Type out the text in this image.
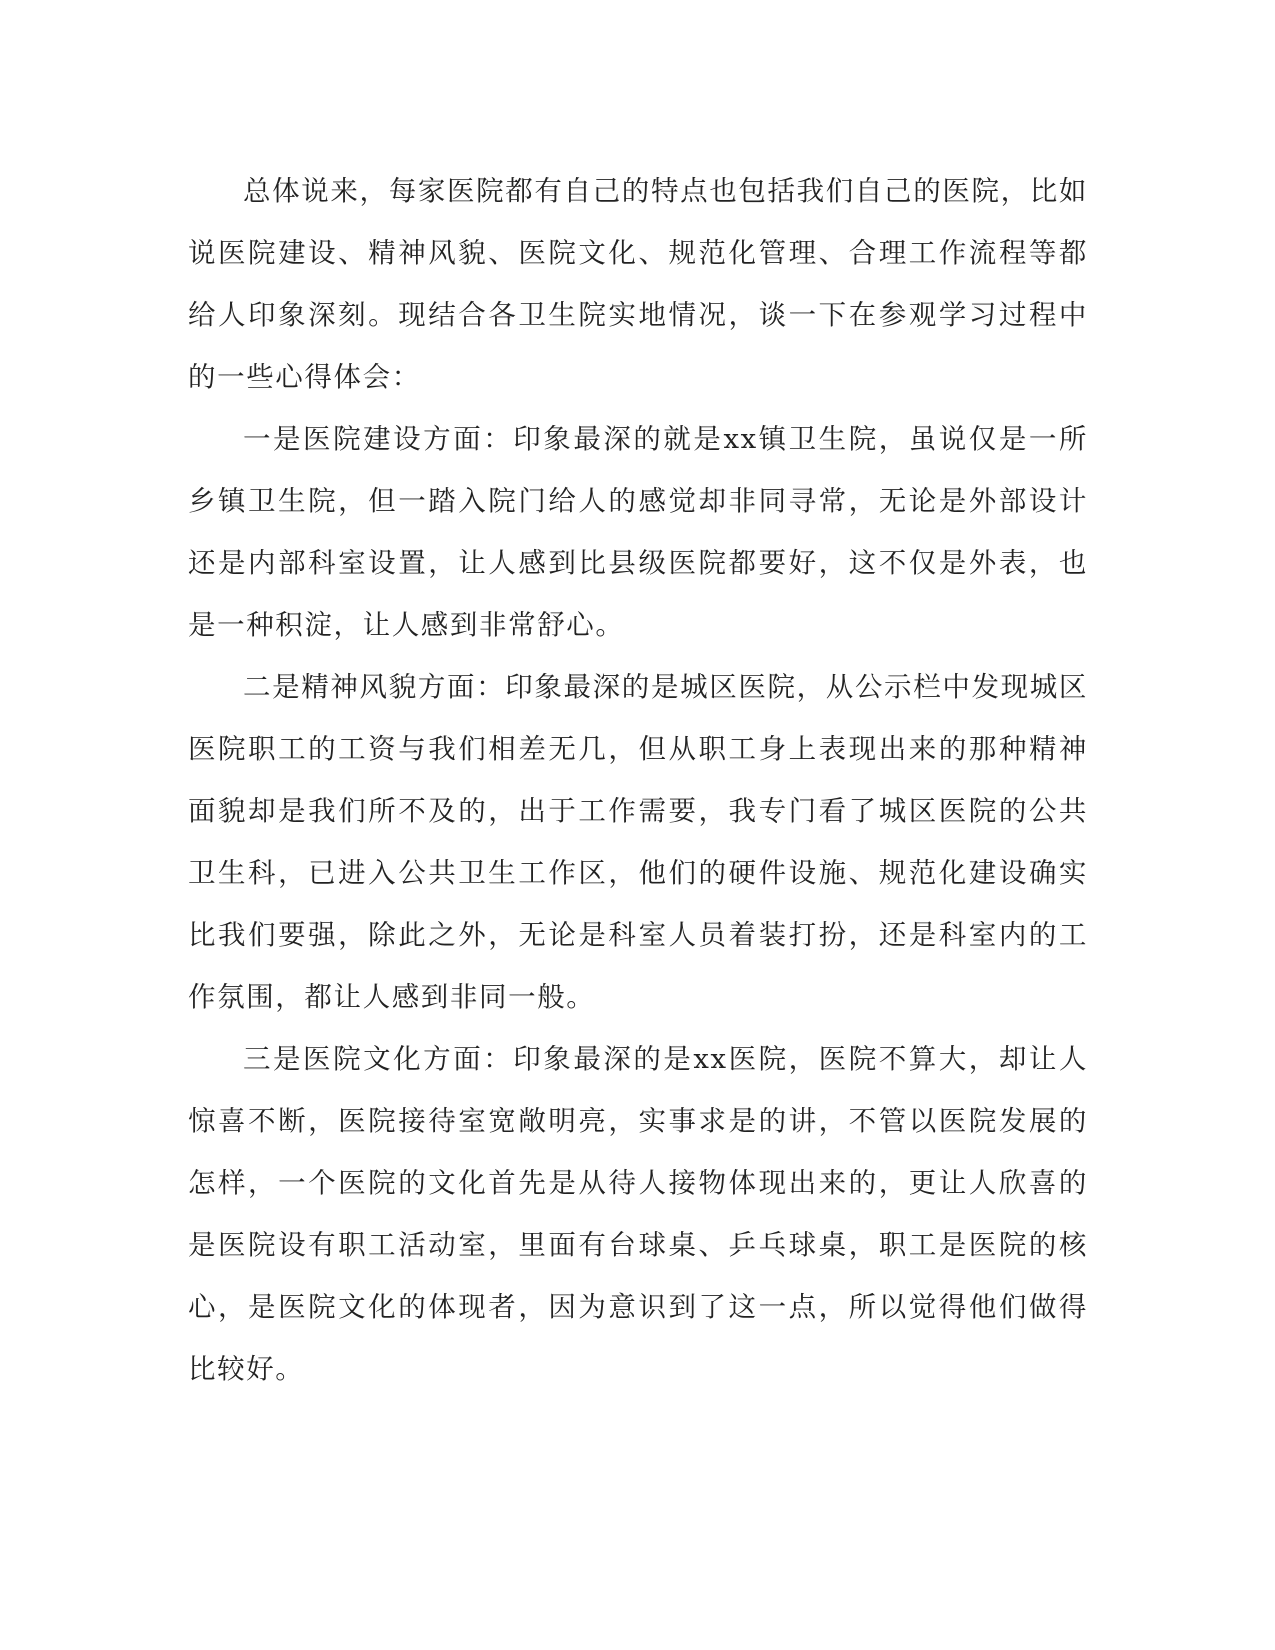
总体说来，每家医院都有自己的特点也包括我们自己的医院，比如说医院建设、精神风貌、医院文化、规范化管理、合理工作流程等都给人印象深刻。现结合各卫生院实地情况，谈一下在参观学习过程中的一些心得体会：

一是医院建设方面：印象最深的就是xx镇卫生院，虽说仅是一所乡镇卫生院，但一踏入院门给人的感觉却非同寻常，无论是外部设计还是内部科室设置，让人感到比县级医院都要好，这不仅是外表，也是一种积淀，让人感到非常舒心。

二是精神风貌方面：印象最深的是城区医院，从公示栏中发现城区医院职工的工资与我们相差无几，但从职工身上表现出来的那种精神面貌却是我们所不及的，出于工作需要，我专门看了城区医院的公共卫生科，已进入公共卫生工作区，他们的硬件设施、规范化建设确实比我们要强，除此之外，无论是科室人员着装打扮，还是科室内的工作氛围，都让人感到非同一般。

三是医院文化方面：印象最深的是xx医院，医院不算大，却让人惊喜不断，医院接待室宽敞明亮，实事求是的讲，不管以医院发展的怎样，一个医院的文化首先是从待人接物体现出来的，更让人欣喜的是医院设有职工活动室，里面有台球桌、乒乓球桌，职工是医院的核心，是医院文化的体现者，因为意识到了这一点，所以觉得他们做得比较好。
